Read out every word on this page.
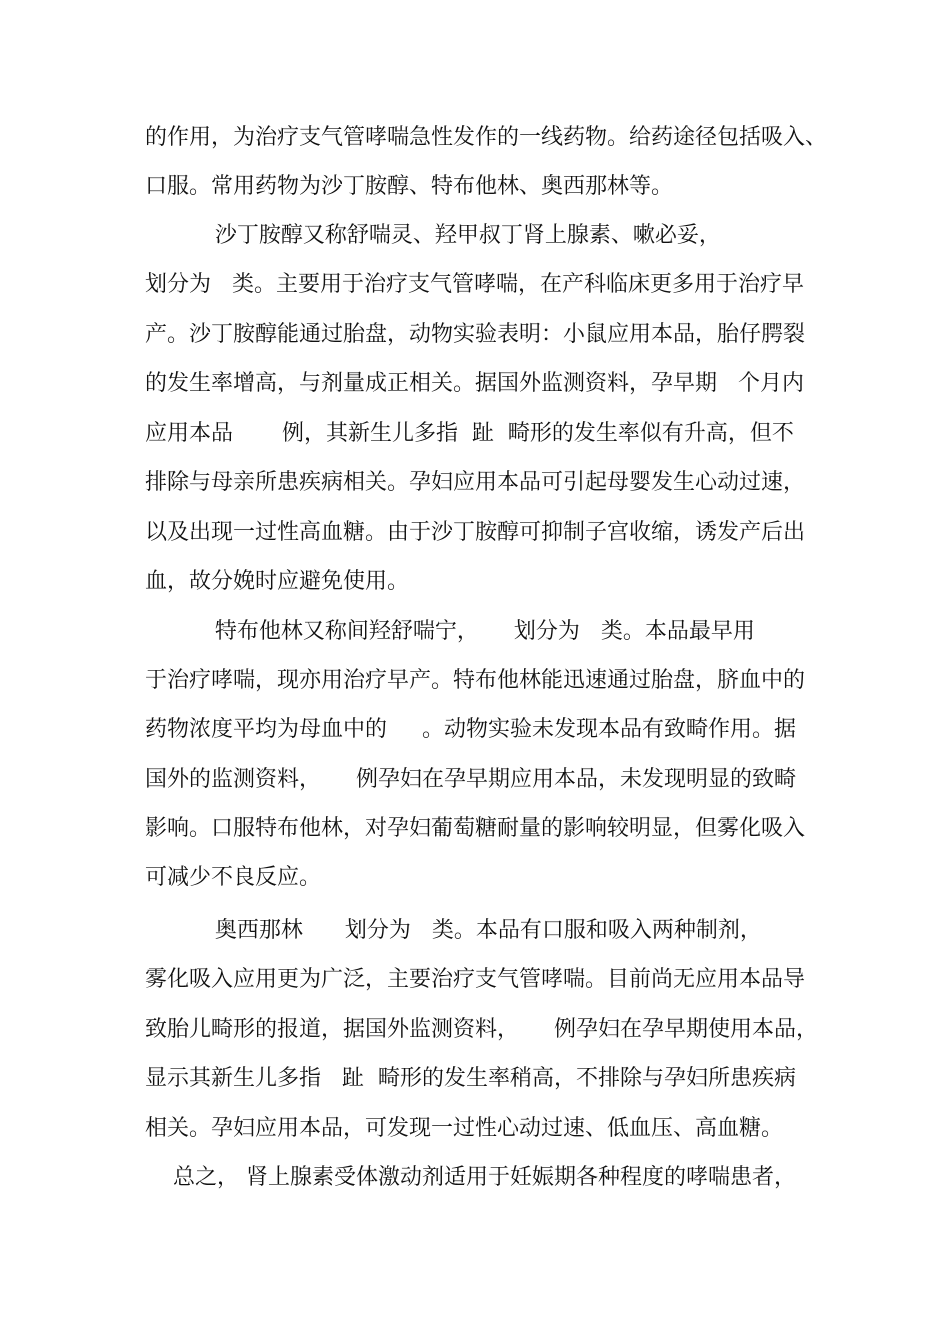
的作用，为治疗支气管哮喘急性发作的一线药物。给药途径包括吸入、
口服。常用药物为沙丁胺醇、特布他林、奥西那林等。
沙丁胺醇又称舒喘灵、羟甲叔丁肾上腺素、嗽必妥，
划分为   类。主要用于治疗支气管哮喘，在产科临床更多用于治疗早
产。沙丁胺醇能通过胎盘，动物实验表明：小鼠应用本品，胎仔腭裂
的发生率增高，与剂量成正相关。据国外监测资料，孕早期   个月内
应用本品       例，其新生儿多指  趾  畸形的发生率似有升高，但不
排除与母亲所患疾病相关。孕妇应用本品可引起母婴发生心动过速，
以及出现一过性高血糖。由于沙丁胺醇可抑制子宫收缩，诱发产后出
血，故分娩时应避免使用。
特布他林又称间羟舒喘宁，     划分为   类。本品最早用
于治疗哮喘，现亦用治疗早产。特布他林能迅速通过胎盘，脐血中的
药物浓度平均为母血中的     。动物实验未发现本品有致畸作用。据
国外的监测资料，     例孕妇在孕早期应用本品，未发现明显的致畸
影响。口服特布他林，对孕妇葡萄糖耐量的影响较明显，但雾化吸入
可减少不良反应。
奥西那林      划分为   类。本品有口服和吸入两种制剂，
雾化吸入应用更为广泛，主要治疗支气管哮喘。目前尚无应用本品导
致胎儿畸形的报道，据国外监测资料，     例孕妇在孕早期使用本品，
显示其新生儿多指   趾  畸形的发生率稍高，不排除与孕妇所患疾病
相关。孕妇应用本品，可发现一过性心动过速、低血压、高血糖。
总之， 肾上腺素受体激动剂适用于妊娠期各种程度的哮喘患者，
